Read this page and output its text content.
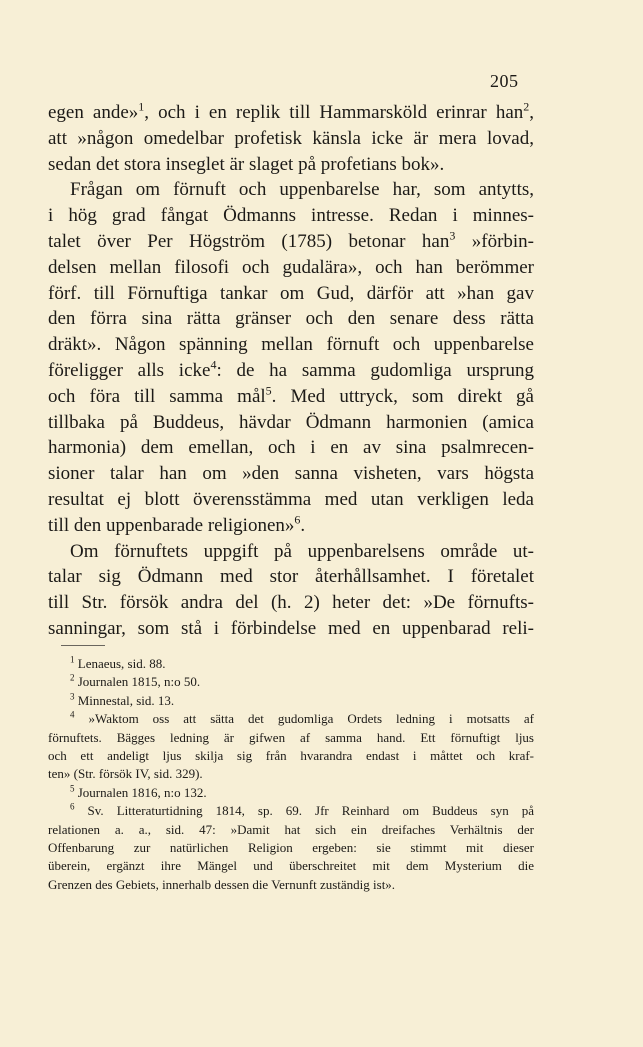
205
egen ande»$^1$, och i en replik till Hammarsköld erinrar han$^2$,
att »någon omedelbar profetisk känsla icke är mera lovad,
sedan det stora inseglet är slaget på profetians bok».
Frågan om förnuft och uppenbarelse har, som antytts,
i hög grad fångat Ödmanns intresse. Redan i minnes-
talet över Per Högström (1785) betonar han$^3$ »förbin-
delsen mellan filosofi och gudalära», och han berömmer
förf. till Förnuftiga tankar om Gud, därför att »han gav
den förra sina rätta gränser och den senare dess rätta
dräkt». Någon spänning mellan förnuft och uppenbarelse
föreligger alls icke$^4$: de ha samma gudomliga ursprung
och föra till samma mål$^5$. Med uttryck, som direkt gå
tillbaka på Buddeus, hävdar Ödmann harmonien (amica
harmonia) dem emellan, och i en av sina psalmrecen-
sioner talar han om »den sanna visheten, vars högsta
resultat ej blott överensstämma med utan verkligen leda
till den uppenbarade religionen»$^6$.
Om förnuftets uppgift på uppenbarelsens område ut-
talar sig Ödmann med stor återhållsamhet. I företalet
till Str. försök andra del (h. 2) heter det: »De förnufts-
sanningar, som stå i förbindelse med en uppenbarad reli-
$^1$ Lenaeus, sid. 88.
$^2$ Journalen 1815, n:o 50.
$^3$ Minnestal, sid. 13.
$^4$ »Waktom oss att sätta det gudomliga Ordets ledning i motsatts af
förnuftets. Bägges ledning är gifwen af samma hand. Ett förnuftigt ljus
och ett andeligt ljus skilja sig från hvarandra endast i måttet och kraf-
ten» (Str. försök IV, sid. 329).
$^5$ Journalen 1816, n:o 132.
$^6$ Sv. Litteraturtidning 1814, sp. 69. Jfr Reinhard om Buddeus syn på
relationen a. a., sid. 47: »Damit hat sich ein dreifaches Verhältnis der
Offenbarung zur natürlichen Religion ergeben: sie stimmt mit dieser
überein, ergänzt ihre Mängel und überschreitet mit dem Mysterium die
Grenzen des Gebiets, innerhalb dessen die Vernunft zuständig ist».
